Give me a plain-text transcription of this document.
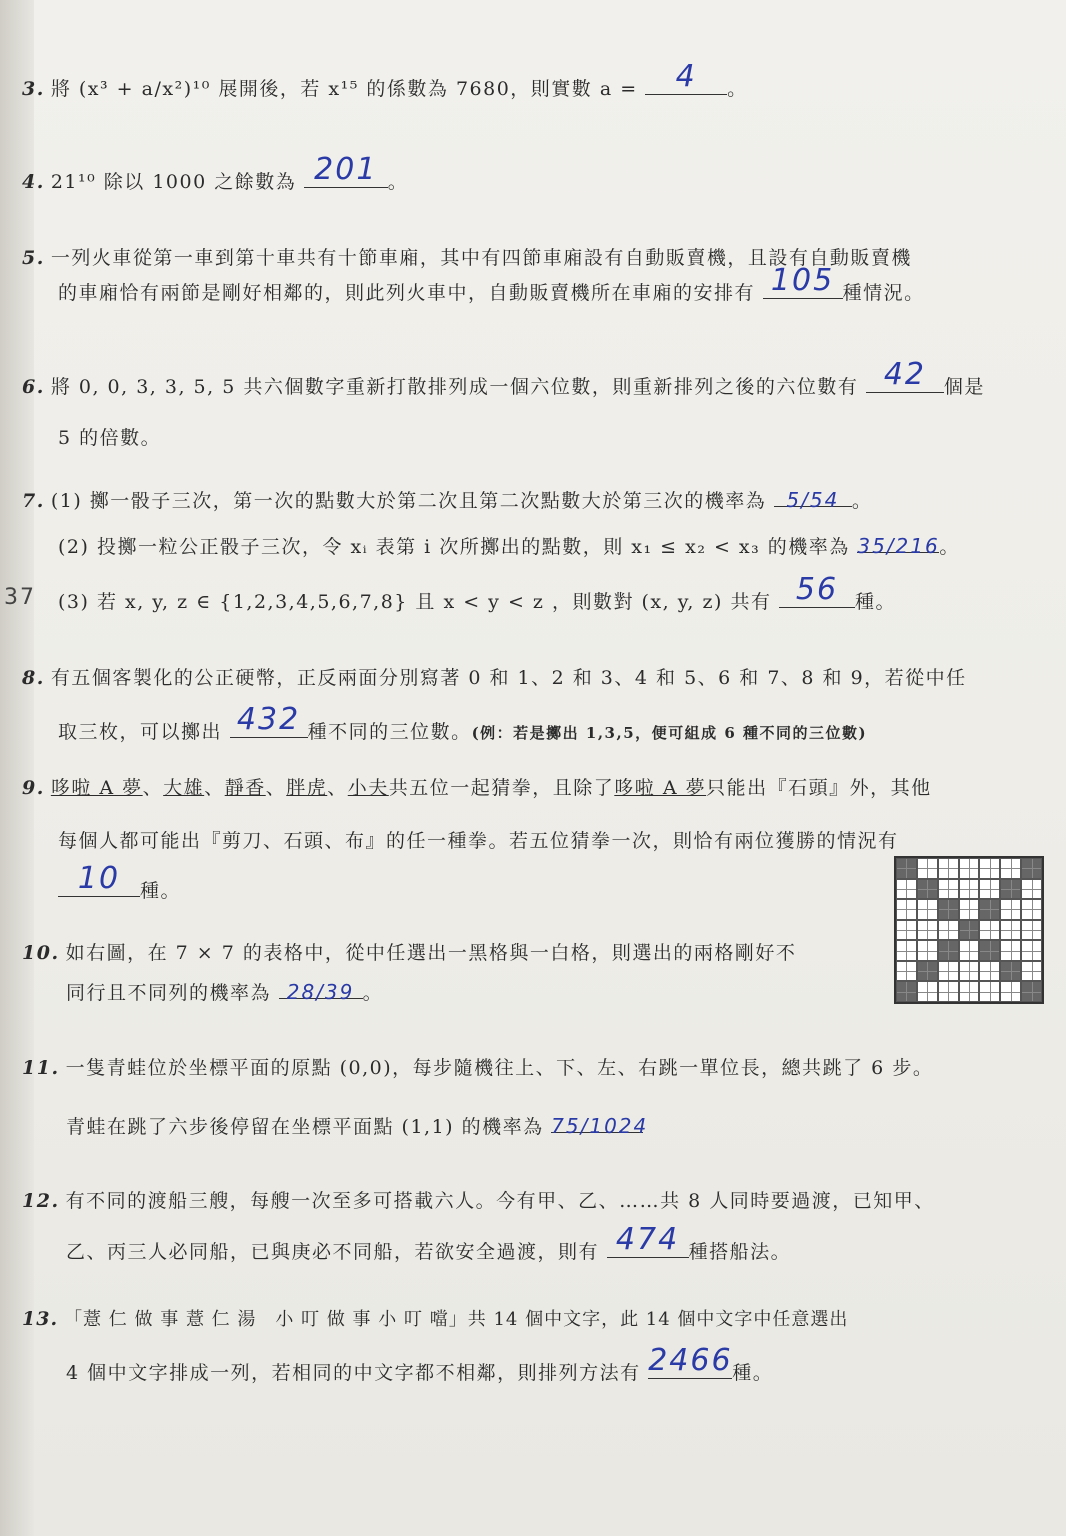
37
3. 將 (x³ + a/x²)¹⁰ 展開後，若 x¹⁵ 的係數為 7680，則實數 a =	4	。
4. 21¹⁰ 除以 1000 之餘數為 201 。
5. 一列火車從第一車到第十車共有十節車廂，其中有四節車廂設有自動販賣機，且設有自動販賣機
的車廂恰有兩節是剛好相鄰的，則此列火車中，自動販賣機所在車廂的安排有 105 種情況。
6. 將 0, 0, 3, 3, 5, 5 共六個數字重新打散排列成一個六位數，則重新排列之後的六位數有 42 個是
5 的倍數。
7. (1) 擲一骰子三次，第一次的點數大於第二次且第二次點數大於第三次的機率為	5/54 。
(2) 投擲一粒公正骰子三次，令 xᵢ 表第 i 次所擲出的點數，則 x₁ ≤ x₂ < x₃ 的機率為 35/216 。
(3) 若 x, y, z ∈ {1,2,3,4,5,6,7,8} 且 x < y < z ，則數對 (x, y, z) 共有 56 種。
8. 有五個客製化的公正硬幣，正反兩面分別寫著 0 和 1、2 和 3、4 和 5、6 和 7、8 和 9，若從中任
取三枚，可以擲出 432 種不同的三位數。(例：若是擲出 1,3,5，便可組成 6 種不同的三位數)
9. 哆啦 A 夢、大雄、靜香、胖虎、小夫共五位一起猜拳，且除了哆啦 A 夢只能出『石頭』外，其他
每個人都可能出『剪刀、石頭、布』的任一種拳。若五位猜拳一次，則恰有兩位獲勝的情況有
10	種。
10. 如右圖，在 7 × 7 的表格中，從中任選出一黑格與一白格，則選出的兩格剛好不
同行且不同列的機率為 28/39 。
11. 一隻青蛙位於坐標平面的原點 (0,0)，每步隨機往上、下、左、右跳一單位長，總共跳了 6 步。
青蛙在跳了六步後停留在坐標平面點 (1,1) 的機率為 75/1024
12. 有不同的渡船三艘，每艘一次至多可搭載六人。今有甲、乙、……共 8 人同時要過渡，已知甲、
乙、丙三人必同船，已與庚必不同船，若欲安全過渡，則有 474 種搭船法。
13. 「薏 仁 做 事 薏 仁 湯　小 叮 做 事 小 叮 噹」共 14 個中文字，此 14 個中文字中任意選出
4 個中文字排成一列，若相同的中文字都不相鄰，則排列方法有 2466 種。
